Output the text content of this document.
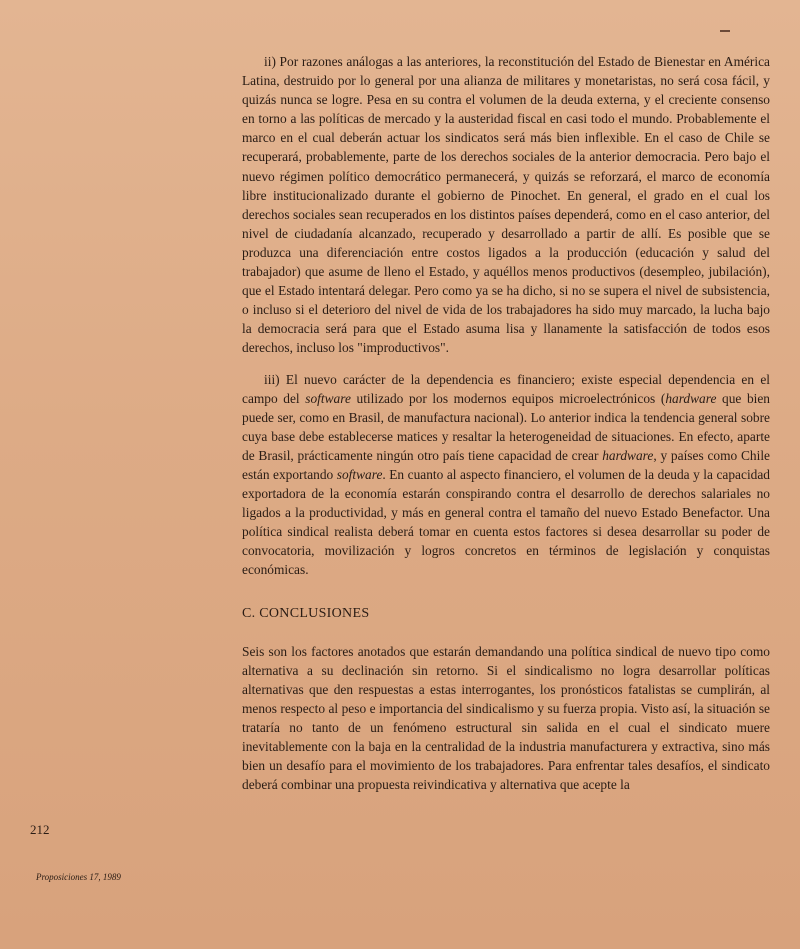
ii) Por razones análogas a las anteriores, la reconstitución del Estado de Bienestar en América Latina, destruido por lo general por una alianza de militares y monetaristas, no será cosa fácil, y quizás nunca se logre. Pesa en su contra el volumen de la deuda externa, y el creciente consenso en torno a las políticas de mercado y la austeridad fiscal en casi todo el mundo. Probablemente el marco en el cual deberán actuar los sindicatos será más bien inflexible. En el caso de Chile se recuperará, probablemente, parte de los derechos sociales de la anterior democracia. Pero bajo el nuevo régimen político democrático permanecerá, y quizás se reforzará, el marco de economía libre institucionalizado durante el gobierno de Pinochet. En general, el grado en el cual los derechos sociales sean recuperados en los distintos países dependerá, como en el caso anterior, del nivel de ciudadanía alcanzado, recuperado y desarrollado a partir de allí. Es posible que se produzca una diferenciación entre costos ligados a la producción (educación y salud del trabajador) que asume de lleno el Estado, y aquéllos menos productivos (desempleo, jubilación), que el Estado intentará delegar. Pero como ya se ha dicho, si no se supera el nivel de subsistencia, o incluso si el deterioro del nivel de vida de los trabajadores ha sido muy marcado, la lucha bajo la democracia será para que el Estado asuma lisa y llanamente la satisfacción de todos esos derechos, incluso los "improductivos".

iii) El nuevo carácter de la dependencia es financiero; existe especial dependencia en el campo del software utilizado por los modernos equipos microelectrónicos (hardware que bien puede ser, como en Brasil, de manufactura nacional). Lo anterior indica la tendencia general sobre cuya base debe establecerse matices y resaltar la heterogeneidad de situaciones. En efecto, aparte de Brasil, prácticamente ningún otro país tiene capacidad de crear hardware, y países como Chile están exportando software. En cuanto al aspecto financiero, el volumen de la deuda y la capacidad exportadora de la economía estarán conspirando contra el desarrollo de derechos salariales no ligados a la productividad, y más en general contra el tamaño del nuevo Estado Benefactor. Una política sindical realista deberá tomar en cuenta estos factores si desea desarrollar su poder de convocatoria, movilización y logros concretos en términos de legislación y conquistas económicas.

C. CONCLUSIONES

Seis son los factores anotados que estarán demandando una política sindical de nuevo tipo como alternativa a su declinación sin retorno. Si el sindicalismo no logra desarrollar políticas alternativas que den respuestas a estas interrogantes, los pronósticos fatalistas se cumplirán, al menos respecto al peso e importancia del sindicalismo y su fuerza propia. Visto así, la situación se trataría no tanto de un fenómeno estructural sin salida en el cual el sindicato muere inevitablemente con la baja en la centralidad de la industria manufacturera y extractiva, sino más bien un desafío para el movimiento de los trabajadores. Para enfrentar tales desafíos, el sindicato deberá combinar una propuesta reivindicativa y alternativa que acepte la

212
Proposiciones 17, 1989
